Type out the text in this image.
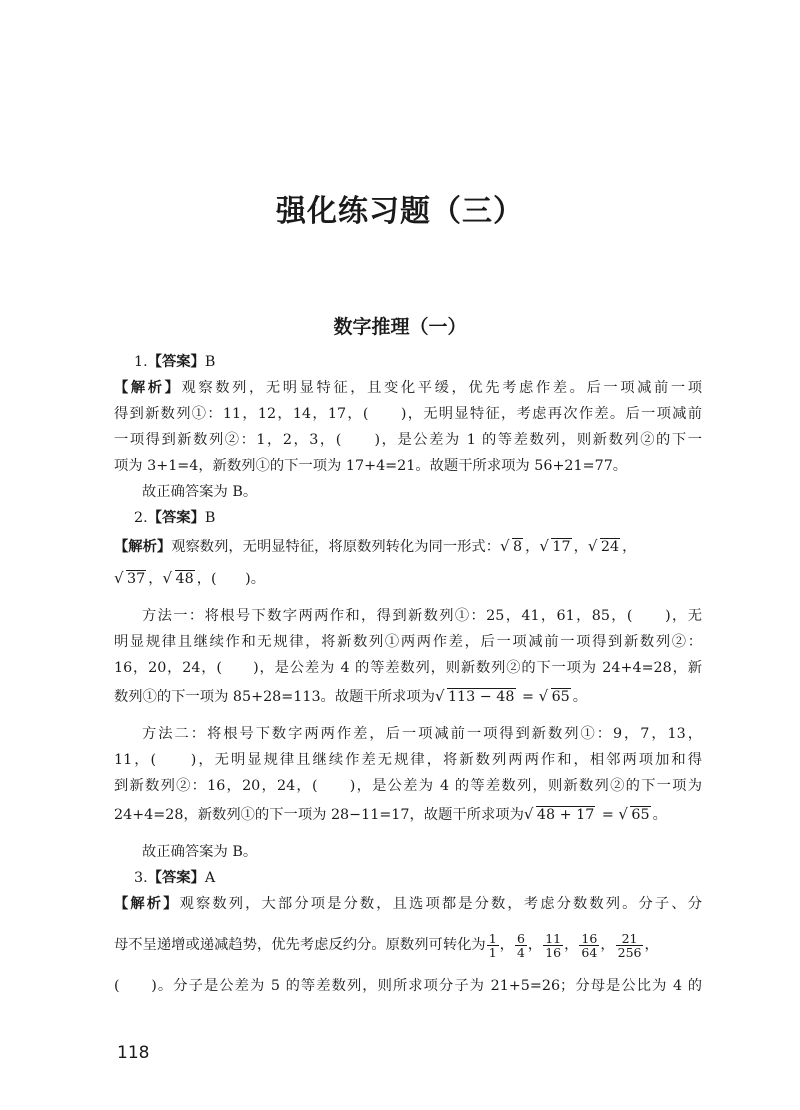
强化练习题（三）
数字推理（一）
1.【答案】B
【解析】观察数列，无明显特征，且变化平缓，优先考虑作差。后一项减前一项
得到新数列①：11，12，14，17，(　　)，无明显特征，考虑再次作差。后一项减前
一项得到新数列②：1，2，3，(　　)，是公差为 1 的等差数列，则新数列②的下一
项为 3+1=4，新数列①的下一项为 17+4=21。故题干所求项为 56+21=77。
故正确答案为 B。
2.【答案】B
【解析】观察数列，无明显特征，将原数列转化为同一形式： √ 8 ， √ 17 ， √ 24 ，
√ 37 ， √ 48 ，(　　)。
方法一：将根号下数字两两作和，得到新数列①：25，41，61，85，(　　)，无
明显规律且继续作和无规律，将新数列①两两作差，后一项减前一项得到新数列②：
16，20，24，(　　)，是公差为 4 的等差数列，则新数列②的下一项为 24+4=28，新
数列①的下一项为 85+28=113。故题干所求项为 √ 113 − 48 = √ 65 。
方法二：将根号下数字两两作差，后一项减前一项得到新数列①：9，7，13，
11，(　　)，无明显规律且继续作差无规律，将新数列两两作和，相邻两项加和得
到新数列②：16，20，24，(　　)，是公差为 4 的等差数列，则新数列②的下一项为
24+4=28，新数列①的下一项为 28−11=17，故题干所求项为 √ 48 + 17 = √ 65 。
故正确答案为 B。
3.【答案】A
【解析】观察数列，大部分项是分数，且选项都是分数，考虑分数数列。分子、分
母不呈递增或递减趋势，优先考虑反约分。原数列可转化为 $\frac{1}{1}$ ， $\frac{6}{4}$ ， $\frac{11}{16}$ ， $\frac{16}{64}$ ， $\frac{21}{256}$ ，
(　　)。分子是公差为 5 的等差数列，则所求项分子为 21+5=26；分母是公比为 4 的
118
